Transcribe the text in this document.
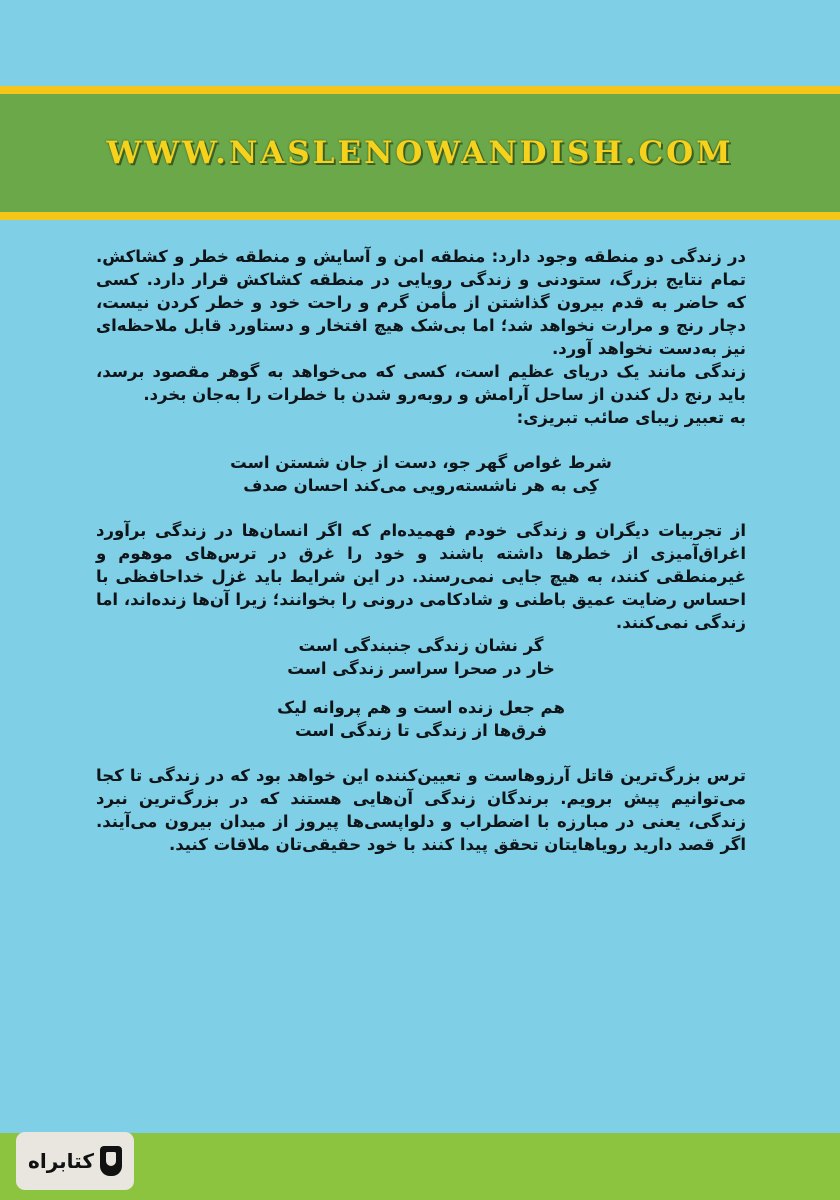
WWW.NASLENOWANDISH.COM

در زندگی دو منطقه وجود دارد: منطقه امن و آسایش و منطقه خطر و کشاکش. تمام نتایج بزرگ، ستودنی و زندگی رویایی در منطقه کشاکش قرار دارد. کسی که حاضر به قدم بیرون گذاشتن از مأمن گرم و راحت خود و خطر کردن نیست، دچار رنج و مرارت نخواهد شد؛ اما بی‌شک هیچ افتخار و دستاورد قابل ملاحظه‌ای نیز به‌دست نخواهد آورد.

زندگی مانند یک دریای عظیم است، کسی که می‌خواهد به گوهر مقصود برسد، باید رنج دل کندن از ساحل آرامش و روبه‌رو شدن با خطرات را به‌جان بخرد.

به تعبیر زیبای صائب تبریزی:

شرط غواص گهر جو، دست از جان شستن است
کِی به هر ناشسته‌رویی می‌کند احسان صدف

از تجربیات دیگران و زندگی خودم فهمیده‌ام که اگر انسان‌ها در زندگی برآورد اغراق‌آمیزی از خطرها داشته باشند و خود را غرق در ترس‌های موهوم و غیرمنطقی کنند، به هیچ جایی نمی‌رسند. در این شرایط باید غزل خداحافظی با احساس رضایت عمیق باطنی و شادکامی درونی را بخوانند؛ زیرا آن‌ها زنده‌اند، اما زندگی نمی‌کنند.

گر نشان زندگی جنبندگی است
خار در صحرا سراسر زندگی است
هم جعل زنده است و هم پروانه لیک
فرق‌ها از زندگی تا زندگی است

ترس بزرگ‌ترین قاتل آرزوهاست و تعیین‌کننده این خواهد بود که در زندگی تا کجا می‌توانیم پیش برویم. برندگان زندگی آن‌هایی هستند که در بزرگ‌ترین نبرد زندگی، یعنی در مبارزه با اضطراب و دلواپسی‌ها پیروز از میدان بیرون می‌آیند. اگر قصد دارید رویاهایتان تحقق پیدا کنند با خود حقیقی‌تان ملاقات کنید.

کتابراه
